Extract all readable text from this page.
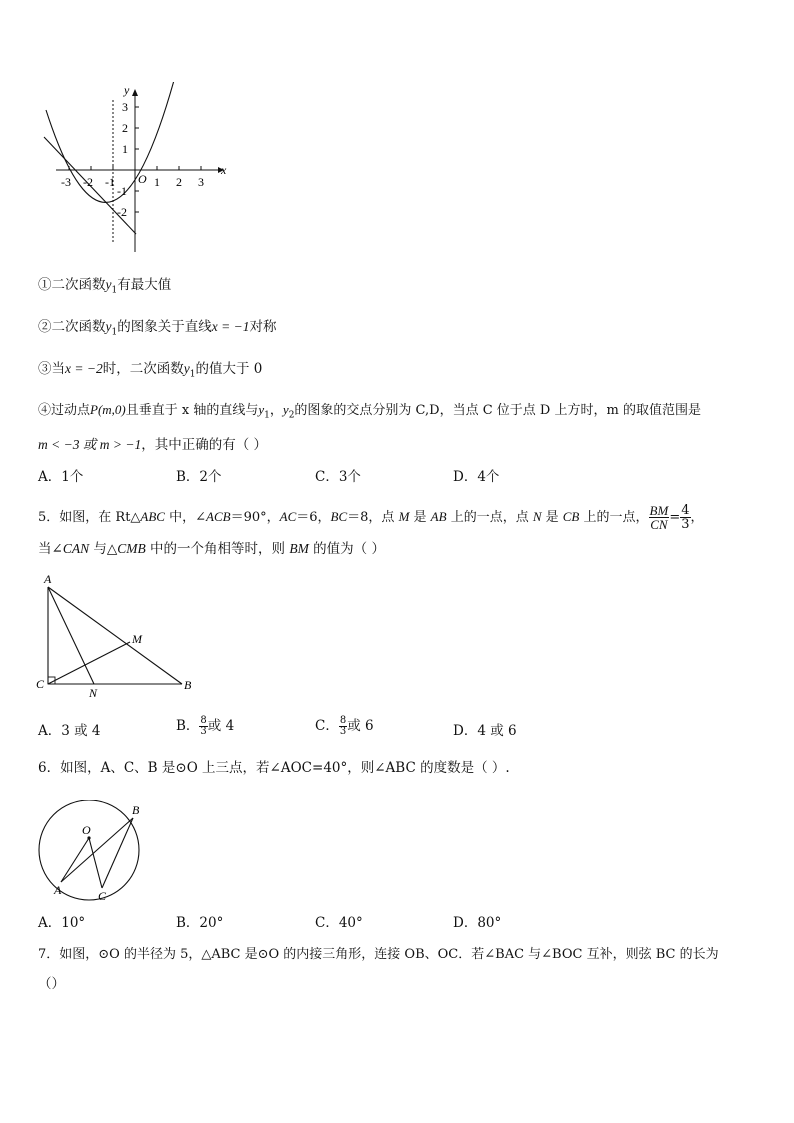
y
x
O
-3 -2 -1	1 2 3
3
2
1
-1
-2
①二次函数$y_1$有最大值
②二次函数$y_1$的图象关于直线x = −1对称
③当x = −2时，二次函数$y_1$的值大于 0
④过动点P(m,0)且垂直于 x 轴的直线与$y_1$，$y_2$的图象的交点分别为 C,D，当点 C 位于点 D 上方时，m 的取值范围是
m < −3 或 m > −1，其中正确的有（ ）
A．1个	B．2个	C．3个	D．4个
5．如图，在 Rt△ABC 中，∠ACB＝90°，AC＝6，BC＝8，点 M 是 AB 上的一点，点 N 是 CB 上的一点， $\frac{BM}{CN} = \frac{4}{3}$ ，
当∠CAN 与△CMB 中的一个角相等时，则 BM 的值为（ ）
A
C
N
B
M
A．3 或 4	B． $\frac{8}{3}$ 或 4	C． $\frac{8}{3}$ 或 6	D．4 或 6
6．如图，A、C、B 是⊙O 上三点，若∠AOC=40°，则∠ABC 的度数是（ ）.
O
A
B
C
A．10°	B．20°	C．40°	D．80°
7．如图，⊙O 的半径为 5，△ABC 是⊙O 的内接三角形，连接 OB、OC．若∠BAC 与∠BOC 互补，则弦 BC 的长为
（）
